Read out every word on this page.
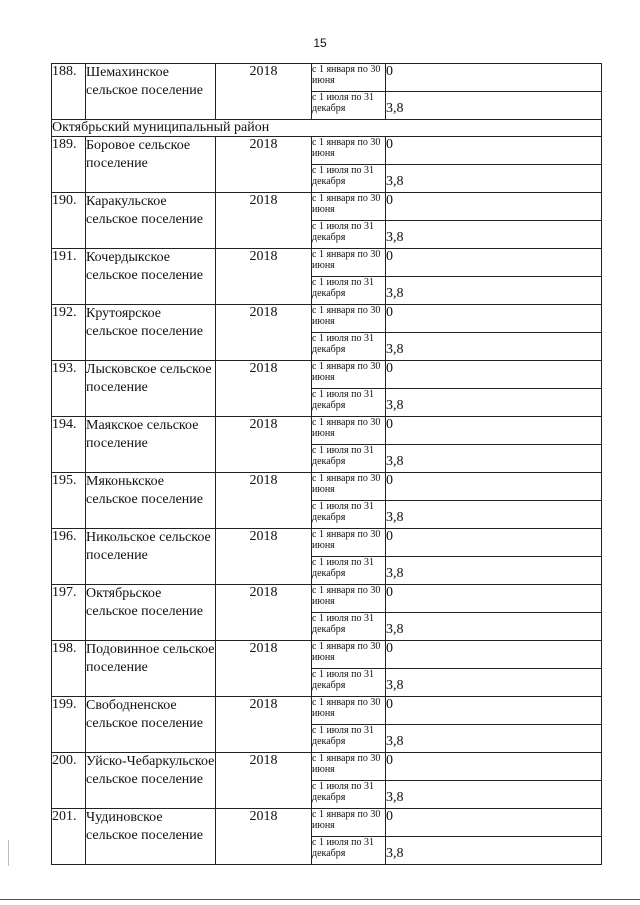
15
188.	Шемахинское сельское поселение	2018	с 1 января по 30 июня	0
			с 1 июля по 31 декабря	3,8
Октябрьский муниципальный район				
189.	Боровое сельское поселение	2018	с 1 января по 30 июня	0
			с 1 июля по 31 декабря	3,8
190.	Каракульское сельское поселение	2018	с 1 января по 30 июня	0
			с 1 июля по 31 декабря	3,8
191.	Кочердыкское сельское поселение	2018	с 1 января по 30 июня	0
			с 1 июля по 31 декабря	3,8
192.	Крутоярское сельское поселение	2018	с 1 января по 30 июня	0
			с 1 июля по 31 декабря	3,8
193.	Лысковское сельское поселение	2018	с 1 января по 30 июня	0
			с 1 июля по 31 декабря	3,8
194.	Маякское сельское поселение	2018	с 1 января по 30 июня	0
			с 1 июля по 31 декабря	3,8
195.	Мяконькское сельское поселение	2018	с 1 января по 30 июня	0
			с 1 июля по 31 декабря	3,8
196.	Никольское сельское поселение	2018	с 1 января по 30 июня	0
			с 1 июля по 31 декабря	3,8
197.	Октябрьское сельское поселение	2018	с 1 января по 30 июня	0
			с 1 июля по 31 декабря	3,8
198.	Подовинное сельское поселение	2018	с 1 января по 30 июня	0
			с 1 июля по 31 декабря	3,8
199.	Свободненское сельское поселение	2018	с 1 января по 30 июня	0
			с 1 июля по 31 декабря	3,8
200.	Уйско-Чебаркульское сельское поселение	2018	с 1 января по 30 июня	0
			с 1 июля по 31 декабря	3,8
201.	Чудиновское сельское поселение	2018	с 1 января по 30 июня	0
			с 1 июля по 31 декабря	3,8
